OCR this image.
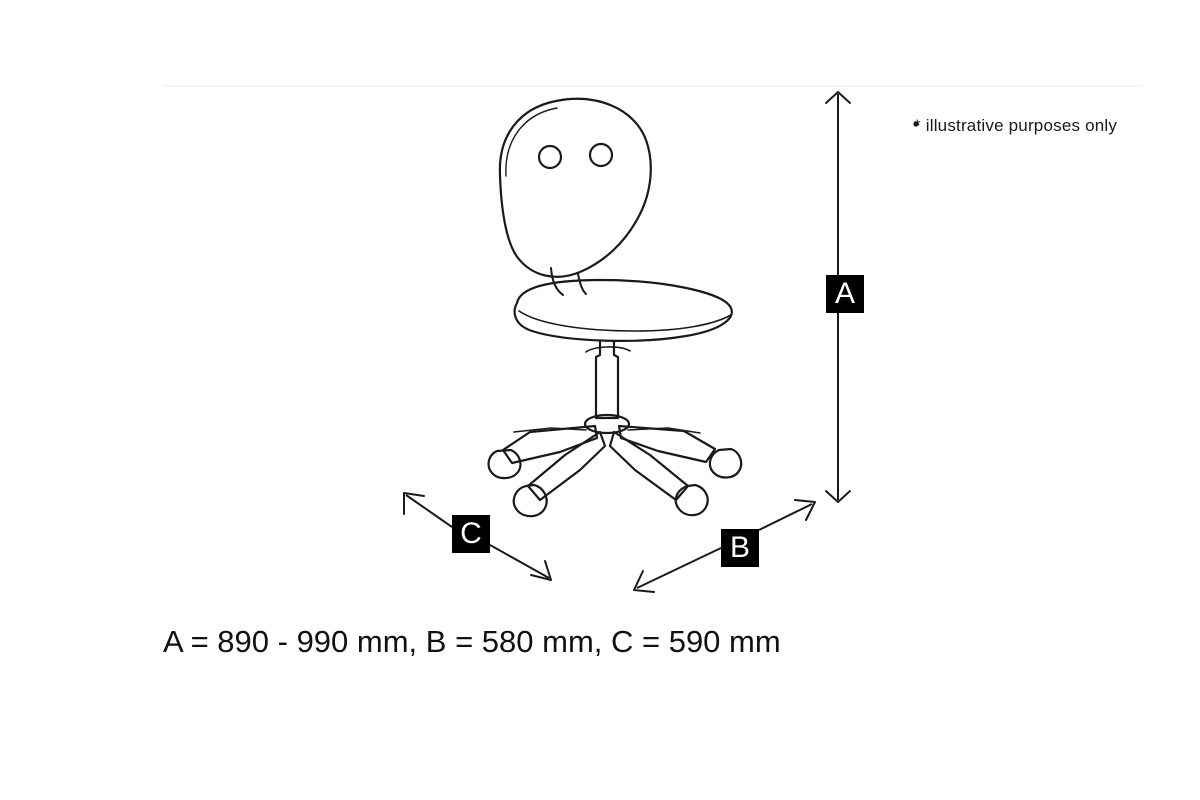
A
B
C
* illustrative purposes only
A = 890 - 990 mm, B = 580 mm, C = 590 mm
